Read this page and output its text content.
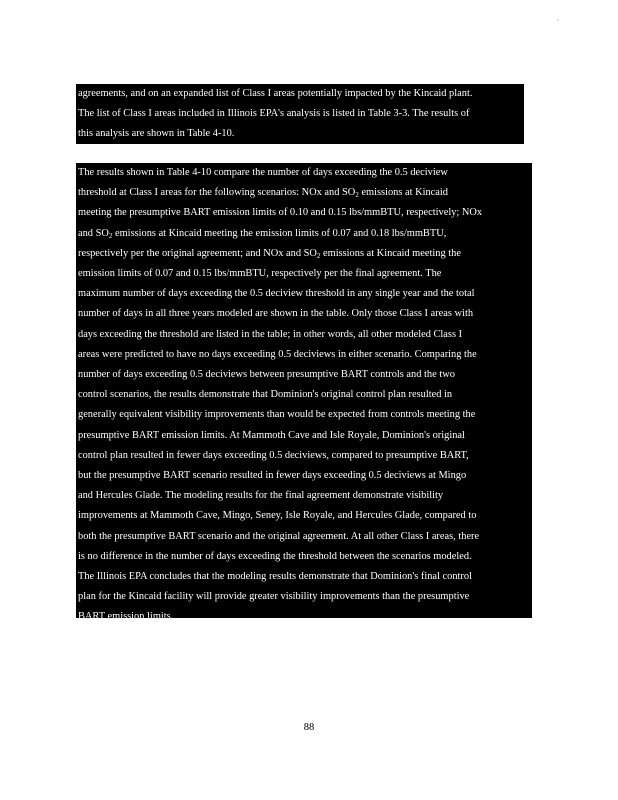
•
·
agreements, and on an expanded list of Class I areas potentially impacted by the Kincaid plant.
The list of Class I areas included in Illinois EPA's analysis is listed in Table 3-3. The results of
this analysis are shown in Table 4-10.
The results shown in Table 4-10 compare the number of days exceeding the 0.5 deciview
threshold at Class I areas for the following scenarios: NOx and $SO_2$ emissions at Kincaid
meeting the presumptive BART emission limits of 0.10 and 0.15 lbs/mmBTU, respectively; NOx
and $SO_2$ emissions at Kincaid meeting the emission limits of 0.07 and 0.18 lbs/mmBTU,
respectively per the original agreement; and NOx and $SO_2$ emissions at Kincaid meeting the
emission limits of 0.07 and 0.15 lbs/mmBTU, respectively per the final agreement. The
maximum number of days exceeding the 0.5 deciview threshold in any single year and the total
number of days in all three years modeled are shown in the table. Only those Class I areas with
days exceeding the threshold are listed in the table; in other words, all other modeled Class I
areas were predicted to have no days exceeding 0.5 deciviews in either scenario. Comparing the
number of days exceeding 0.5 deciviews between presumptive BART controls and the two
control scenarios, the results demonstrate that Dominion's original control plan resulted in
generally equivalent visibility improvements than would be expected from controls meeting the
presumptive BART emission limits. At Mammoth Cave and Isle Royale, Dominion's original
control plan resulted in fewer days exceeding 0.5 deciviews, compared to presumptive BART,
but the presumptive BART scenario resulted in fewer days exceeding 0.5 deciviews at Mingo
and Hercules Glade. The modeling results for the final agreement demonstrate visibility
improvements at Mammoth Cave, Mingo, Seney, Isle Royale, and Hercules Glade, compared to
both the presumptive BART scenario and the original agreement. At all other Class I areas, there
is no difference in the number of days exceeding the threshold between the scenarios modeled.
The Illinois EPA concludes that the modeling results demonstrate that Dominion's final control
plan for the Kincaid facility will provide greater visibility improvements than the presumptive
BART emission limits.
88
